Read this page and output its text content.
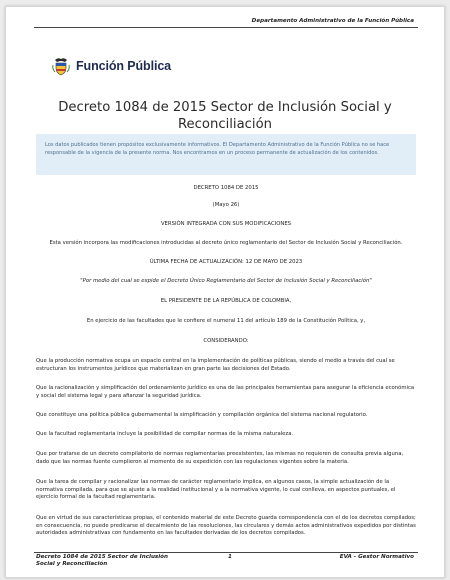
Departamento Administrativo de la Función Pública
Función Pública
Decreto 1084 de 2015 Sector de Inclusión Social y Reconciliación
Los datos publicados tienen propósitos exclusivamente informativos. El Departamento Administrativo de la Función Pública no se hace responsable de la vigencia de la presente norma. Nos encontramos en un proceso permanente de actualización de los contenidos.
DECRETO 1084 DE 2015
(Mayo 26)
VERSIÓN INTEGRADA CON SUS MODIFICACIONES
Esta versión incorpora las modificaciones introducidas al decreto único reglamentario del Sector de Inclusión Social y Reconciliación.
ÚLTIMA FECHA DE ACTUALIZACIÓN: 12 DE MAYO DE 2023
"Por medio del cual se expide el Decreto Único Reglamentario del Sector de Inclusión Social y Reconciliación"
EL PRESIDENTE DE LA REPÚBLICA DE COLOMBIA,
En ejercicio de las facultades que le confiere el numeral 11 del artículo 189 de la Constitución Política, y,
CONSIDERANDO:
Que la producción normativa ocupa un espacio central en la implementación de políticas públicas, siendo el medio a través del cual se estructuran los instrumentos jurídicos que materializan en gran parte las decisiones del Estado.
Que la racionalización y simplificación del ordenamiento jurídico es una de las principales herramientas para asegurar la eficiencia económica y social del sistema legal y para afianzar la seguridad jurídica.
Que constituye una política pública gubernamental la simplificación y compilación orgánica del sistema nacional regulatorio.
Que la facultad reglamentaria incluye la posibilidad de compilar normas de la misma naturaleza.
Que por tratarse de un decreto compilatorio de normas reglamentarias preexistentes, las mismas no requieren de consulta previa alguna, dado que las normas fuente cumplieron al momento de su expedición con las regulaciones vigentes sobre la materia.
Que la tarea de compilar y racionalizar las normas de carácter reglamentario implica, en algunos casos, la simple actualización de la normativa compilada, para que se ajuste a la realidad institucional y a la normativa vigente, lo cual conlleva, en aspectos puntuales, el ejercicio formal de la facultad reglamentaria.
Que en virtud de sus características propias, el contenido material de este Decreto guarda correspondencia con el de los decretos compilados; en consecuencia, no puede predicarse el decaimiento de las resoluciones, las circulares y demás actos administrativos expedidos por distintas autoridades administrativas con fundamento en las facultades derivadas de los decretos compilados.
Decreto 1084 de 2015 Sector de Inclusión Social y Reconciliación
1	EVA - Gestor Normativo
